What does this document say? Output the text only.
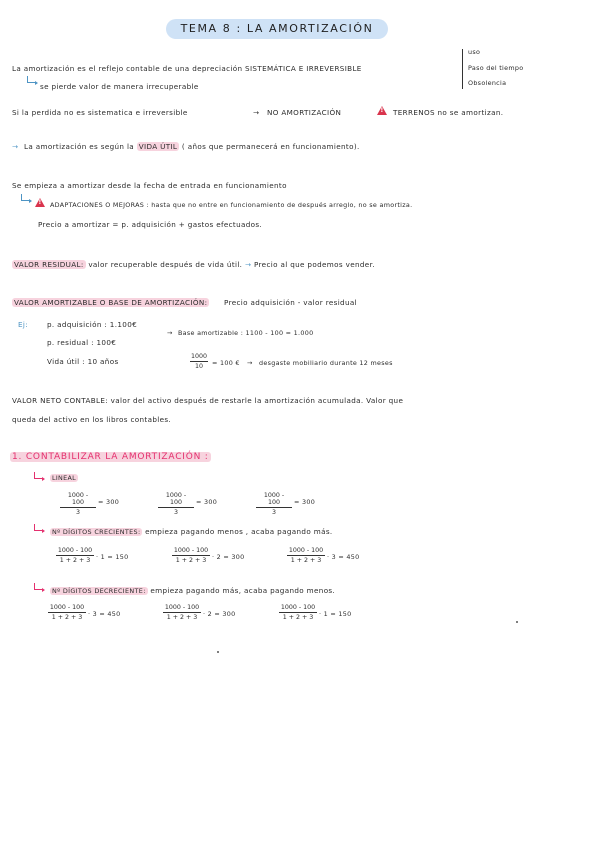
TEMA 8 : LA AMORTIZACIÓN
La amortización es el reflejo contable de una depreciación SISTEMÁTICA E IRREVERSIBLE
uso
Paso del tiempo
Obsolencia
se pierde valor de manera irrecuperable
Si la perdida no es sistematica e irreversible	→ NO AMORTIZACIÓN
!	TERRENOS no se amortizan.
→ La amortización es según la VIDA ÚTIL ( años que permanecerá en funcionamiento).
Se empieza a amortizar desde la fecha de entrada en funcionamiento
!
ADAPTACIONES O MEJORAS : hasta que no entre en funcionamiento de después arreglo, no se amortiza.
Precio a amortizar = p. adquisición + gastos efectuados.
VALOR RESIDUAL: valor recuperable después de vida útil. → Precio al que podemos vender.
VALOR AMORTIZABLE O BASE DE AMORTIZACIÓN: Precio adquisición - valor residual
Ej:	p. adquisición : 1.100€
p. residual : 100€
Vida útil : 10 años
→ Base amortizable : 1100 - 100 = 1.000
$\frac{1000}{10} = 100$ € → desgaste mobiliario durante 12 meses
VALOR NETO CONTABLE: valor del activo después de restarle la amortización acumulada. Valor que
queda del activo en los libros contables.
1. CONTABILIZAR LA AMORTIZACIÓN :
LINEAL
$\frac{1000 - 100}{3} = 300$	$\frac{1000 - 100}{3} = 300$	$\frac{1000 - 100}{3} = 300$
Nº DÍGITOS CRECIENTES: empieza pagando menos , acaba pagando más.
$\frac{1000 - 100}{1 + 2 + 3} \cdot 1 = 150$	$\frac{1000 - 100}{1 + 2 + 3} \cdot 2 = 300$	$\frac{1000 - 100}{1 + 2 + 3} \cdot 3 = 450$
Nº DÍGITOS DECRECIENTE: empieza pagando más, acaba pagando menos.
$\frac{1000 - 100}{1 + 2 + 3} \cdot 3 = 450$	$\frac{1000 - 100}{1 + 2 + 3} \cdot 2 = 300$	$\frac{1000 - 100}{1 + 2 + 3} \cdot 1 = 150$
